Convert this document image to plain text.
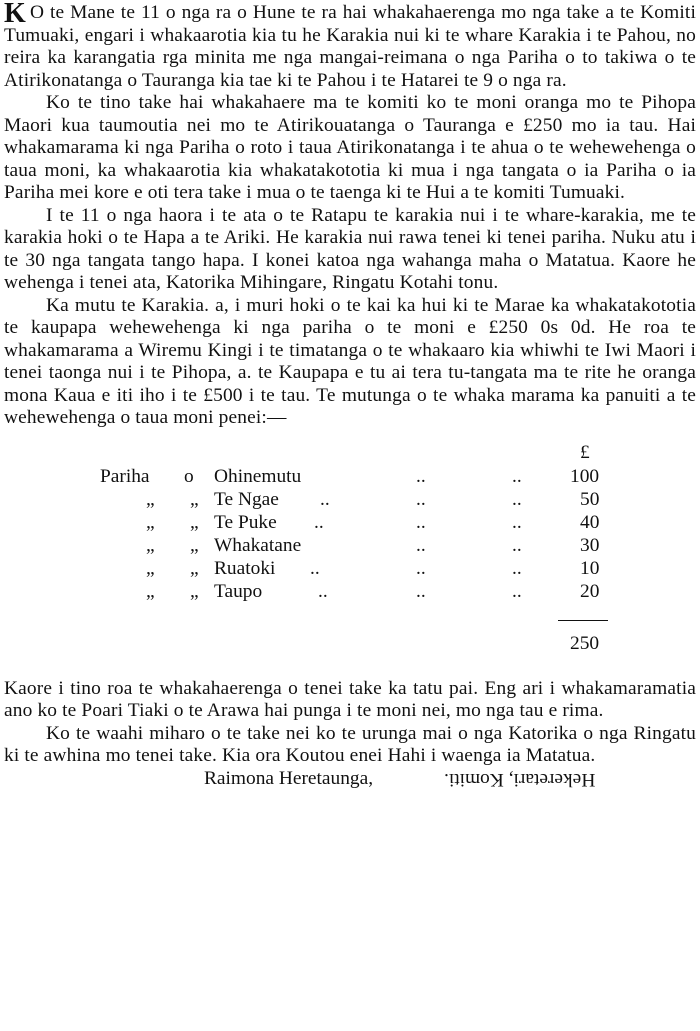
K O te Mane te 11 o nga ra o Hune te ra hai whakahaerenga mo nga take a te Komiti Tumuaki, engari i whakaarotia kia tu he Karakia nui ki te whare Karakia i te Pahou, no reira ka karangatia rga minita me nga mangai-reimana o nga Pariha o to takiwa o te Atirikonatanga o Tauranga kia tae ki te Pahou i te Hatarei te 9 o nga ra.

Ko te tino take hai whakahaere ma te komiti ko te moni oranga mo te Pihopa Maori kua taumoutia nei mo te Atirikouatanga o Tauranga e £250 mo ia tau. Hai whakamarama ki nga Pariha o roto i taua Atirikonatanga i te ahua o te wehewehenga o taua moni, ka whakaarotia kia whakatakototia ki mua i nga tangata o ia Pariha o ia Pariha mei kore e oti tera take i mua o te taenga ki te Hui a te komiti Tumuaki.

I te 11 o nga haora i te ata o te Ratapu te karakia nui i te whare-karakia, me te karakia hoki o te Hapa a te Ariki. He karakia nui rawa tenei ki tenei pariha. Nuku atu i te 30 nga tangata tango hapa. I konei katoa nga wahanga maha o Matatua. Kaore he wehenga i tenei ata, Katorika Mihingare, Ringatu Kotahi tonu.

Ka mutu te Karakia. a, i muri hoki o te kai ka hui ki te Marae ka whakatakototia te kaupapa wehewehenga ki nga pariha o te moni e £250 0s 0d. He roa te whakamarama a Wiremu Kingi i te timatanga o te whakaaro kia whiwhi te Iwi Maori i tenei taonga nui i te Pihopa, a. te Kaupapa e tu ai tera tu-tangata ma te rite he oranga mona Kaua e iti iho i te £500 i te tau. Te mutunga o te whaka marama ka panuiti a te wehewehenga o taua moni penei:—

£
Pariha o Ohinemutu	..	.. 100
„ „ Te Ngae ..	..	..	50
„ „ Te Puke ..	..	..	40
„ „ Whakatane	..	..	30
„ „ Ruatoki ..	..	..	10
„ „ Taupo	..	..	..	20
250

Kaore i tino roa te whakahaerenga o tenei take ka tatu pai. Eng ari i whakamaramatia ano ko te Poari Tiaki o te Arawa hai punga i te moni nei, mo nga tau e rima.

Ko te waahi miharo o te take nei ko te urunga mai o nga Katorika o nga Ringatu ki te awhina mo tenei take. Kia ora Koutou enei Hahi i waenga ia Matatua.

Raimona Heretaunga,	Hekeretari, Komiti.
